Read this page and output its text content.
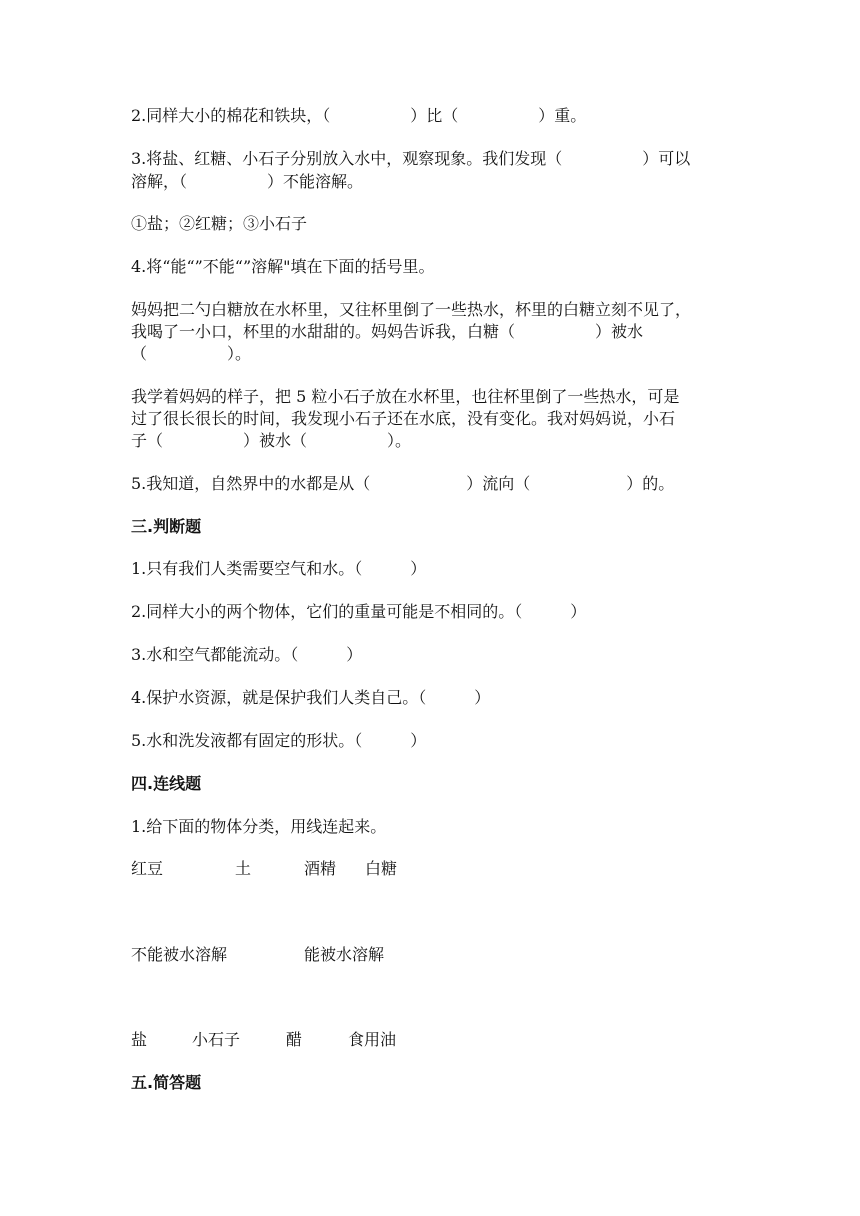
2.同样大小的棉花和铁块，（　　　　　）比（　　　　　）重。

3.将盐、红糖、小石子分别放入水中，观察现象。我们发现（　　　　　）可以

溶解，（　　　　　）不能溶解。

①盐；②红糖；③小石子

4.将“能“”不能“”溶解"填在下面的括号里。

妈妈把二勺白糖放在水杯里，又往杯里倒了一些热水，杯里的白糖立刻不见了，

我喝了一小口，杯里的水甜甜的。妈妈告诉我，白糖（　　　　　）被水

（　　　　　）。

我学着妈妈的样子，把 5 粒小石子放在水杯里，也往杯里倒了一些热水，可是

过了很长很长的时间，我发现小石子还在水底，没有变化。我对妈妈说，小石

子（　　　　　）被水（　　　　　）。

5.我知道，自然界中的水都是从（　　　　　　）流向（　　　　　　）的。

三.判断题

1.只有我们人类需要空气和水。（　　　）

2.同样大小的两个物体，它们的重量可能是不相同的。（　　　）

3.水和空气都能流动。（　　　）

4.保护水资源，就是保护我们人类自己。（　　　）

5.水和洗发液都有固定的形状。（　　　）

四.连线题

1.给下面的物体分类，用线连起来。

红豆	土	酒精 白糖
不能被水溶解	能被水溶解
盐	小石子	醋	食用油

五.简答题
